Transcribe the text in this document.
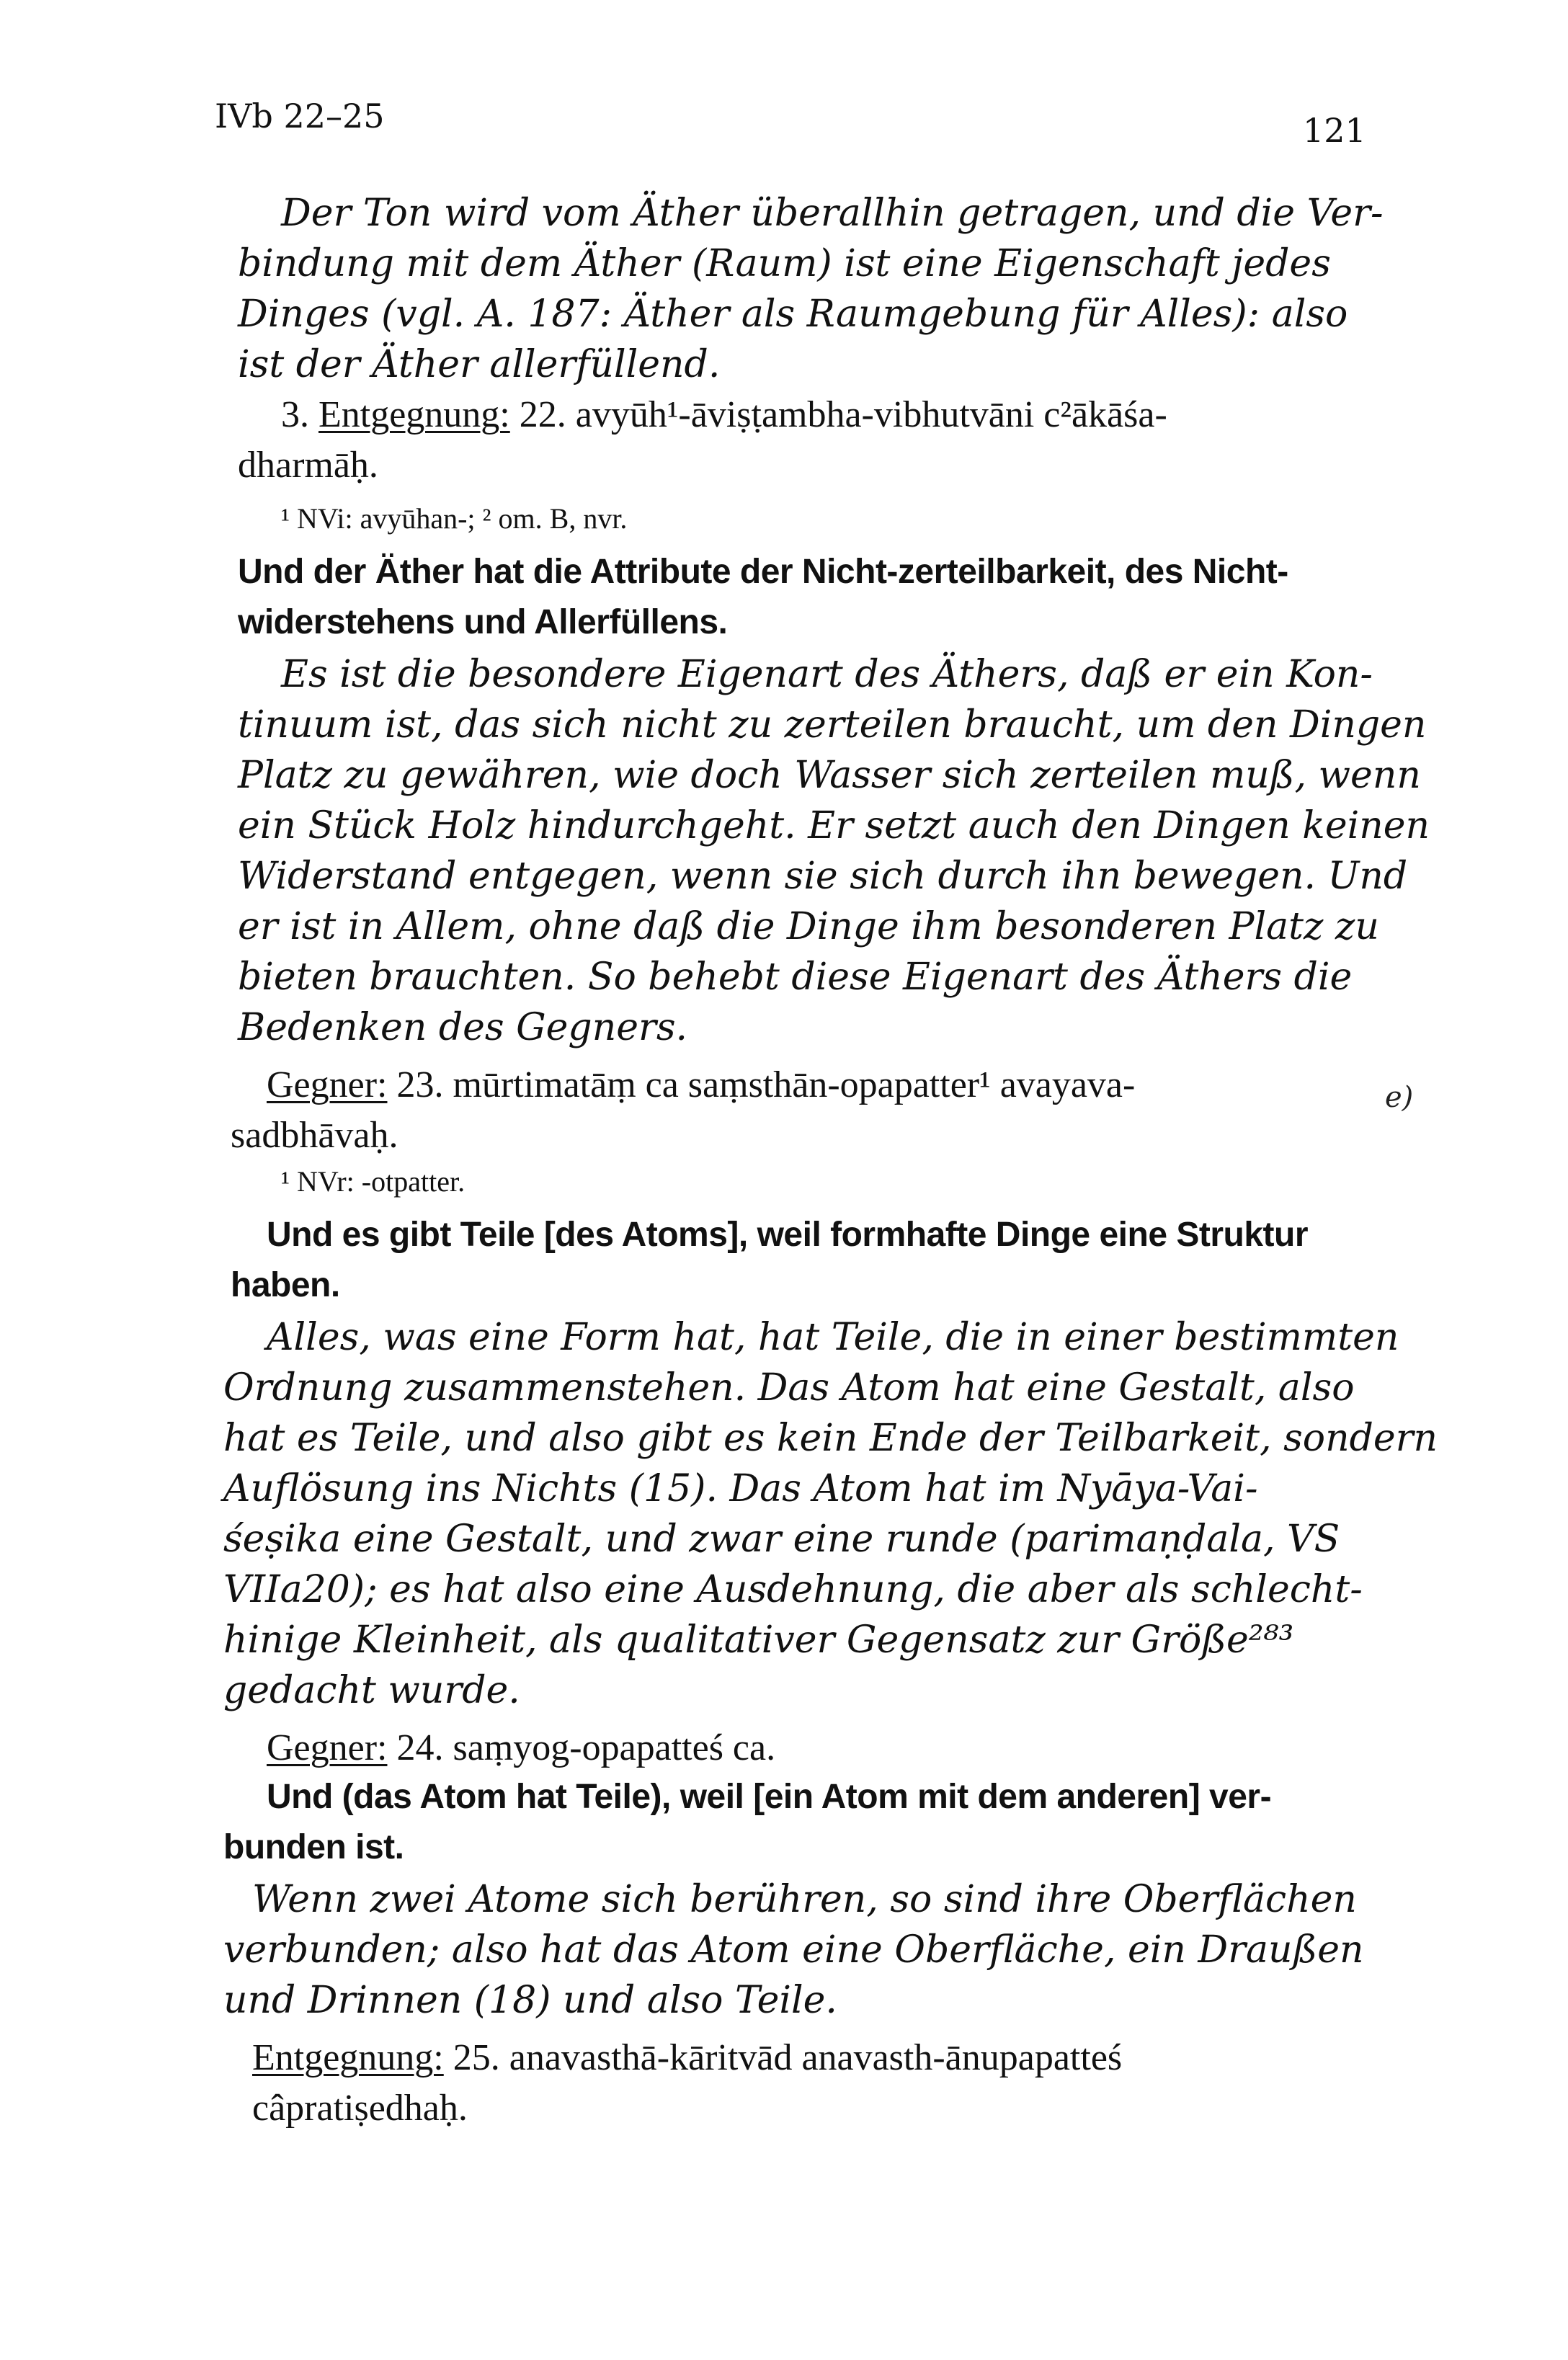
IVb 22–25	121
Der Ton wird vom Äther überallhin getragen, und die Ver-
bindung mit dem Äther (Raum) ist eine Eigenschaft jedes
Dinges (vgl. A. 187: Äther als Raumgebung für Alles): also
ist der Äther allerfüllend.
3. Entgegnung: 22. avyūh¹-āviṣṭambha-vibhutvāni c²ākāśa-
dharmāḥ.
¹ NVi: avyūhan-; ² om. B, nvr.
Und der Äther hat die Attribute der Nicht-zerteilbarkeit, des Nicht-
widerstehens und Allerfüllens.
Es ist die besondere Eigenart des Äthers, daß er ein Kon-
tinuum ist, das sich nicht zu zerteilen braucht, um den Dingen
Platz zu gewähren, wie doch Wasser sich zerteilen muß, wenn
ein Stück Holz hindurchgeht. Er setzt auch den Dingen keinen
Widerstand entgegen, wenn sie sich durch ihn bewegen. Und
er ist in Allem, ohne daß die Dinge ihm besonderen Platz zu
bieten brauchten. So behebt diese Eigenart des Äthers die
Bedenken des Gegners.
Gegner: 23. mūrtimatāṃ ca saṃsthān-opapatter¹ avayava-
sadbhāvaḥ.
¹ NVr: -otpatter.
Und es gibt Teile [des Atoms], weil formhafte Dinge eine Struktur
haben.
Alles, was eine Form hat, hat Teile, die in einer bestimmten
Ordnung zusammenstehen. Das Atom hat eine Gestalt, also
hat es Teile, und also gibt es kein Ende der Teilbarkeit, sondern
Auflösung ins Nichts (15). Das Atom hat im Nyāya-Vai-
śeṣika eine Gestalt, und zwar eine runde (parimaṇḍala, VS
VIIa20); es hat also eine Ausdehnung, die aber als schlecht-
hinige Kleinheit, als qualitativer Gegensatz zur Größe²⁸³
gedacht wurde.
Gegner: 24. saṃyog-opapatteś ca.
Und (das Atom hat Teile), weil [ein Atom mit dem anderen] ver-
bunden ist.
Wenn zwei Atome sich berühren, so sind ihre Oberflächen
verbunden; also hat das Atom eine Oberfläche, ein Draußen
und Drinnen (18) und also Teile.
Entgegnung: 25. anavasthā-kāritvād anavasth-ānupapatteś
câpratiṣedhaḥ.
e)
